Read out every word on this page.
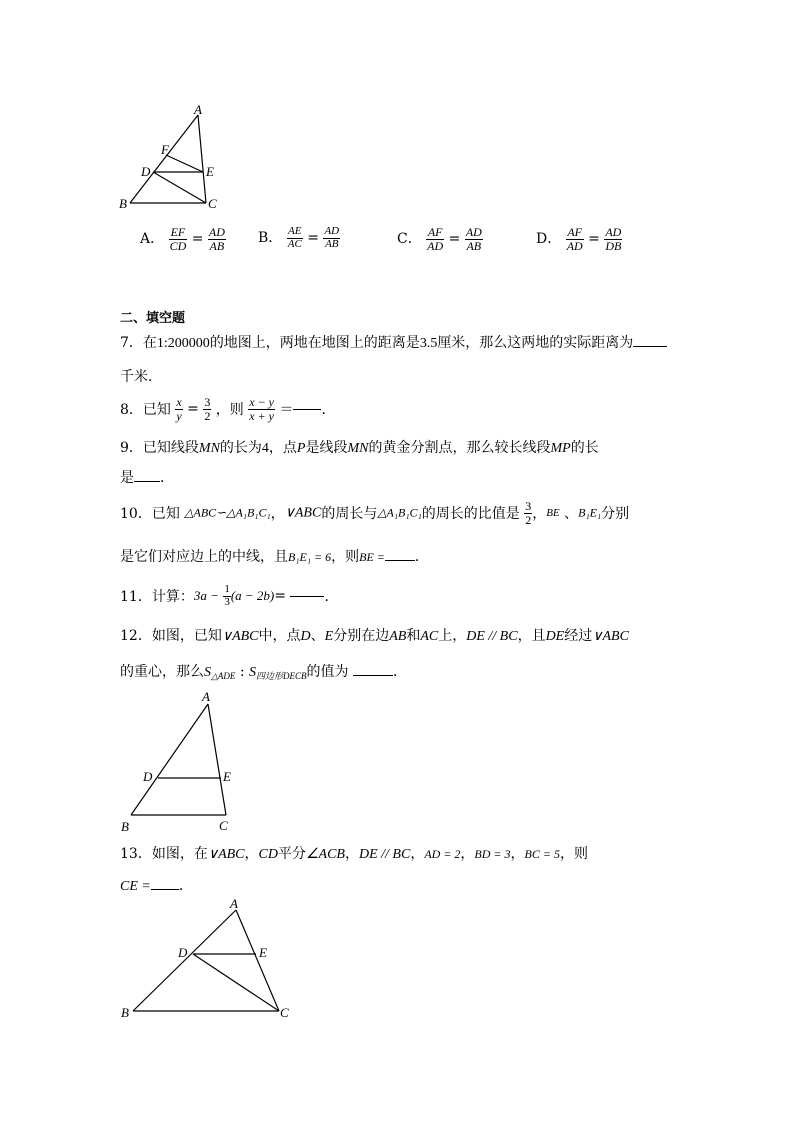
A
F
D	E
B	C
A． $\frac{EF}{CD} = \frac{AD}{AB}$ B． $\frac{AE}{AC} = \frac{AD}{AB}$	C． $\frac{AF}{AD} = \frac{AD}{AB}$	D． $\frac{AF}{AD} = \frac{AD}{DB}$
二、填空题
7．在1:200000的地图上，两地在地图上的距离是3.5厘米，那么这两地的实际距离为
千米．
8．已知 $\frac{x}{y} = \frac{3}{2}$ ，则 $\frac{x - y}{x + y}$ ＝ ．
9．已知线段MN的长为4，点P是线段MN的黄金分割点，那么较长线段MP的长
是 ．
10．已知 △ABC∽△A₁B₁C₁，∨ABC的周长与△A₁B₁C₁的周长的比值是 $\frac{3}{2}$ ，BE 、B₁E₁分别
是它们对应边上的中线，且B₁E₁ = 6，则BE = ．
11．计算：$3a - \frac{1}{3} (a - 2b)=$	．
12．如图，已知∨ABC中，点D、E分别在边AB和AC上，DE // BC，且DE经过∨ABC
的重心，那么$S_{\triangle ADE}$ : $S_{四边形DECB}$的值为	．
A
D	E
B	C
13．如图，在∨ABC，CD平分∠ACB，DE // BC，AD = 2，BD = 3，BC = 5，则
CE = ．
A
D	E
B	C
